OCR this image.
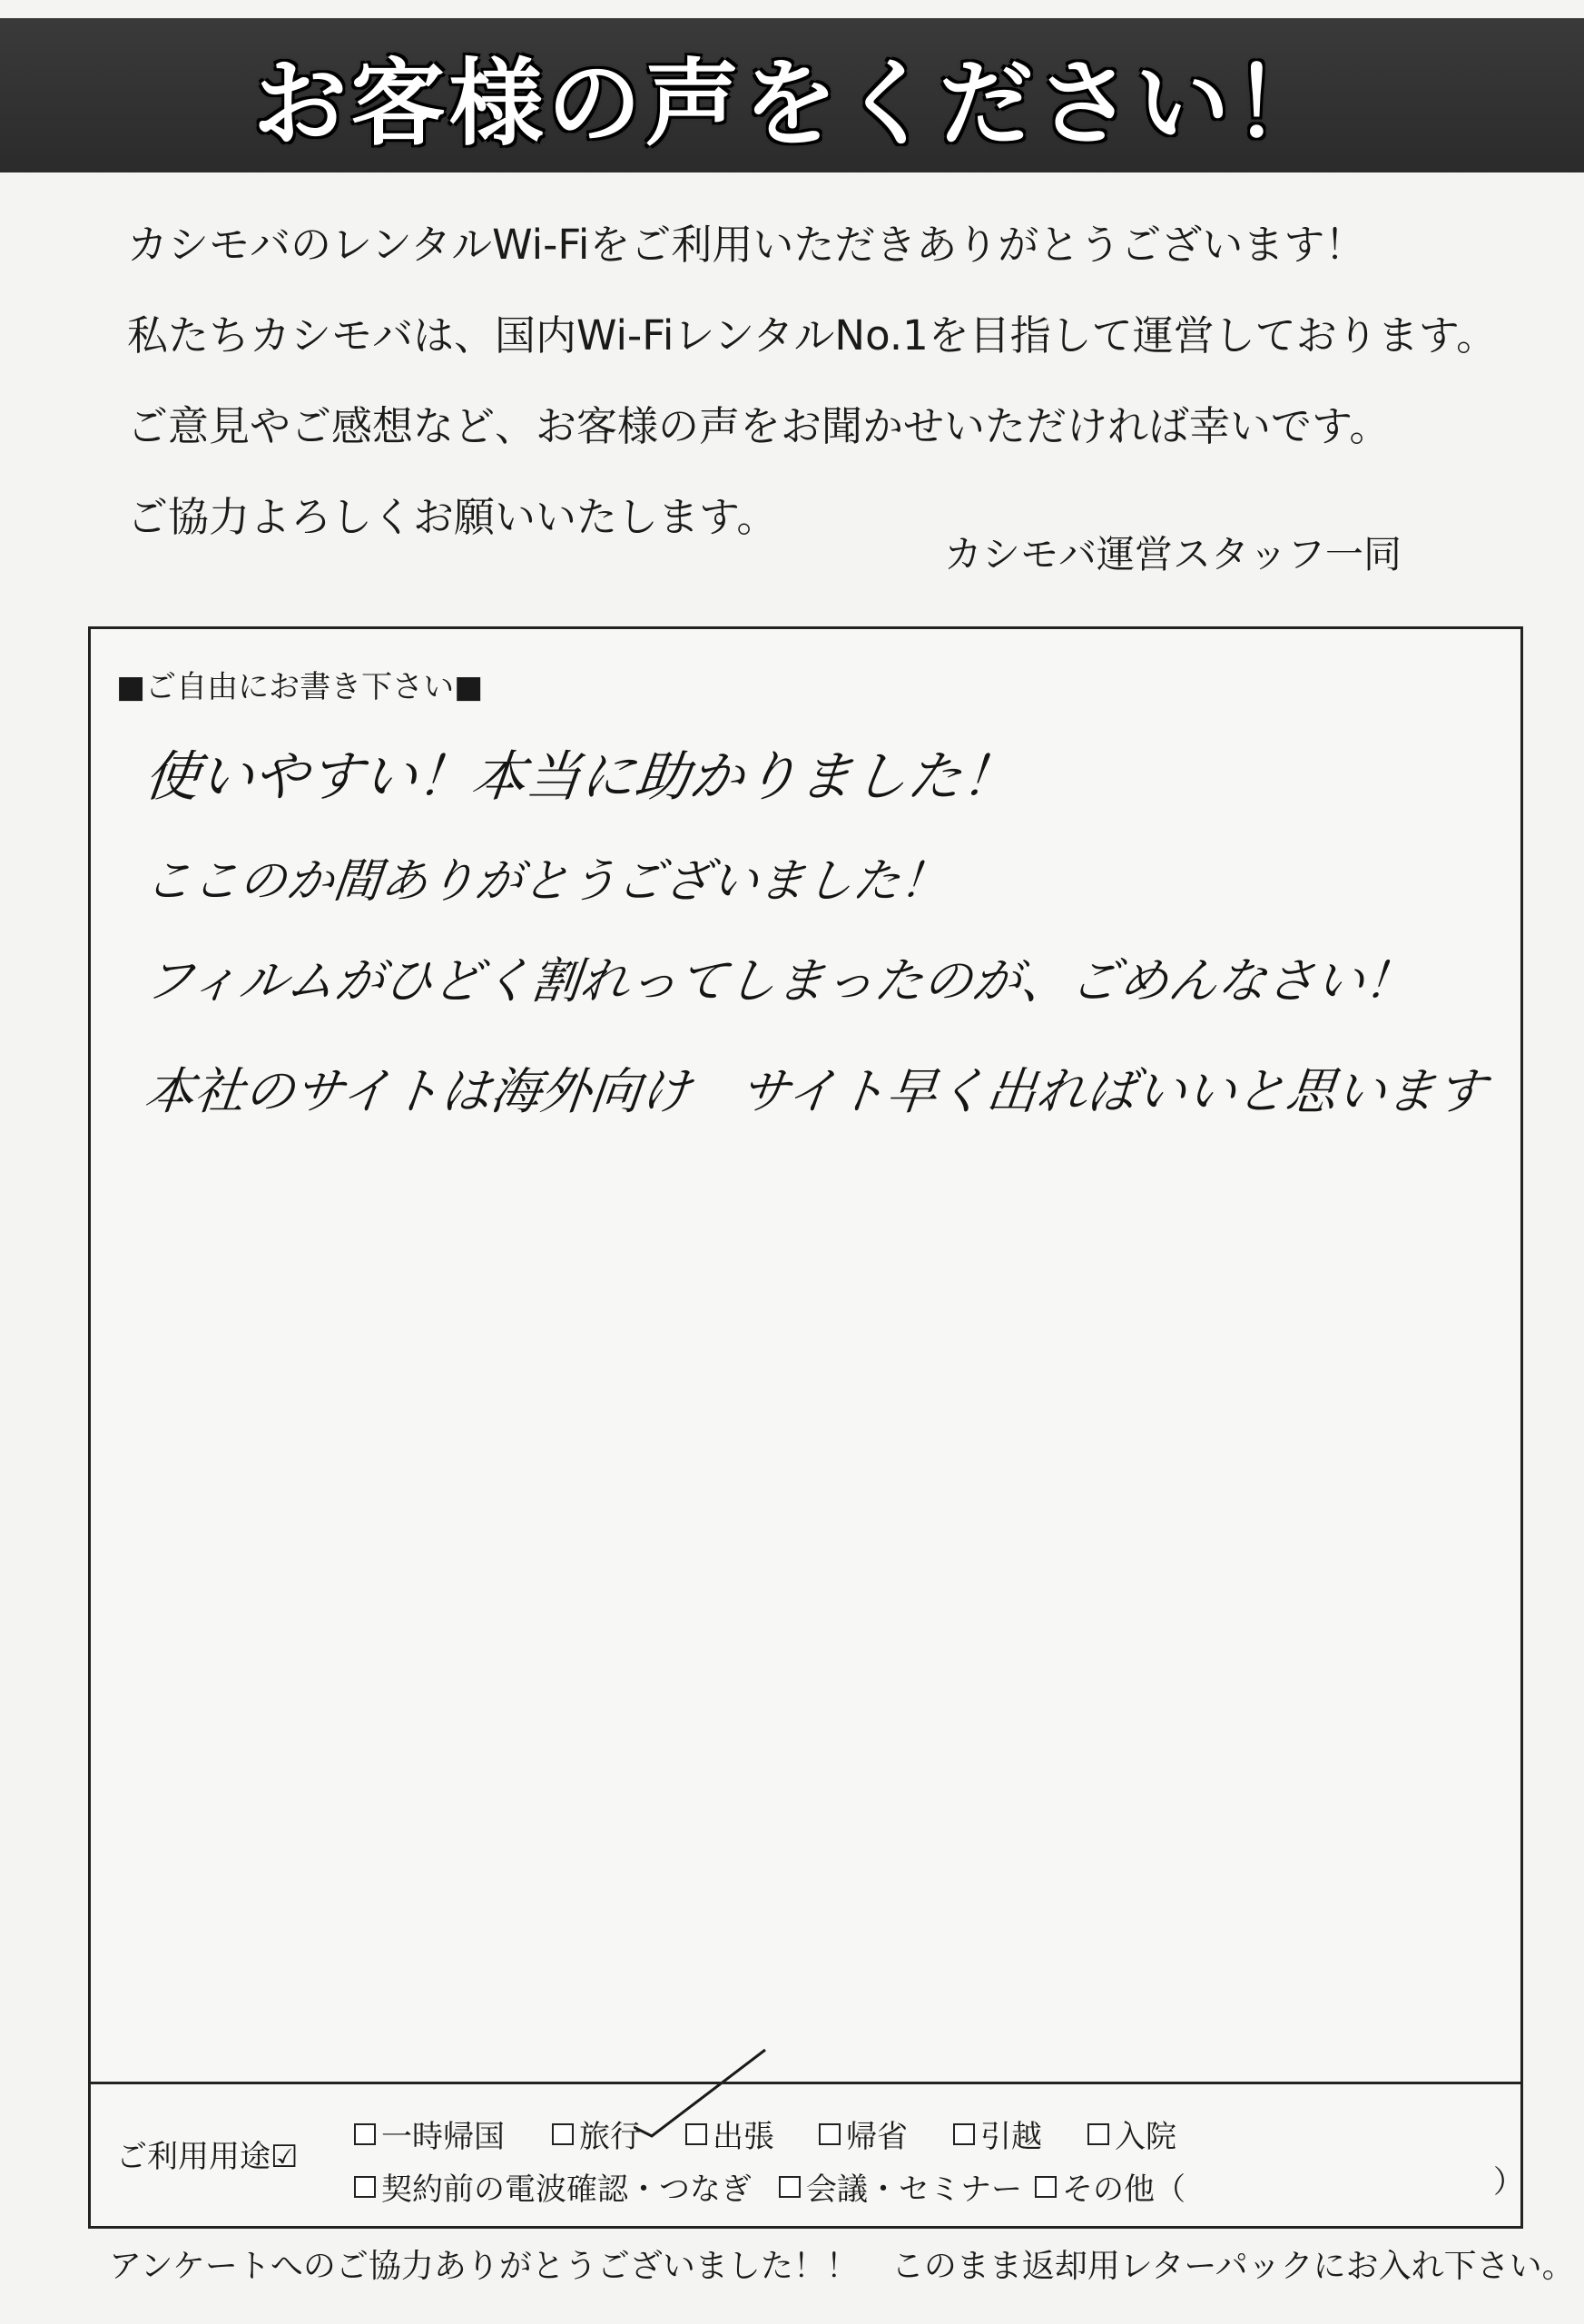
お客様の声をください！
カシモバのレンタルWi-Fiをご利用いただきありがとうございます！
私たちカシモバは、国内Wi-FiレンタルNo.1を目指して運営しております。
ご意見やご感想など、お客様の声をお聞かせいただければ幸いです。
ご協力よろしくお願いいたします。
カシモバ運営スタッフ一同
■ご自由にお書き下さい■
使いやすい！本当に助かりました！
ここのか間ありがとうございました！
フィルムがひどく割れってしまったのが、ごめんなさい！
本社のサイトは海外向け　サイト早く出ればいいと思います
ご利用用途☑
一時帰国 旅行 出張 帰省 引越 入院
契約前の電波確認・つなぎ 会議・セミナー その他（	）
アンケートへのご協力ありがとうございました！！　このまま返却用レターパックにお入れ下さい。
